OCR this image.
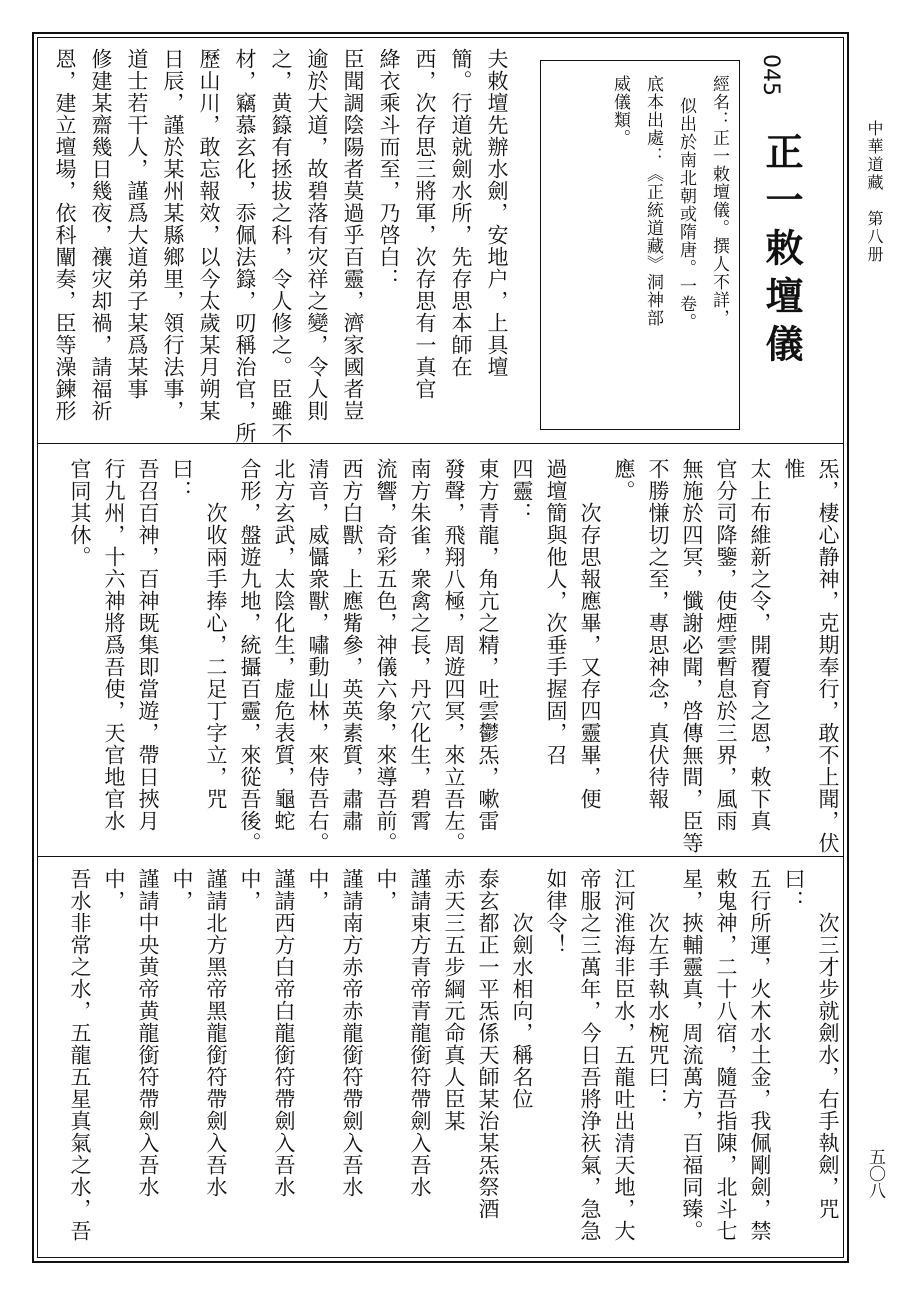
中華道藏　第八册
五〇八
045
正一敕壇儀
經名：正一敕壇儀。撰人不詳，
似出於南北朝或隋唐。一卷。
底本出處：《正統道藏》洞神部
威儀類。
夫敕壇先辦水劍，安地户，上具壇
簡。行道就劍水所，先存思本師在
西，次存思三將軍，次存思有一真官
絳衣乘斗而至，乃啓白：
臣聞調陰陽者莫過乎百靈，濟家國者豈
逾於大道，故碧落有灾祥之變，令人則
之，黄籙有拯拔之科，令人修之。臣雖不
材，竊慕玄化，忝佩法籙，叨稱治官，所
歷山川，敢忘報效，以今太歲某月朔某
日辰，謹於某州某縣鄉里，領行法事，
道士若干人，謹爲大道弟子某爲某事
修建某齋幾日幾夜，禳灾却禍，請福祈
恩，建立壇場，依科闡奏，臣等澡鍊形
炁，棲心静神，克期奉行，敢不上聞，伏
惟
太上布維新之令，開覆育之恩，敕下真
官分司降鑒，使煙雲暫息於三界，風雨
無施於四冥，懺謝必聞，啓傳無間，臣等
不勝慊切之至，專思神念，真伏待報
應。
次存思報應畢，又存四靈畢，便
過壇簡與他人，次垂手握固，召
四靈：
東方青龍，角亢之精，吐雲鬱炁，嗽雷
發聲，飛翔八極，周遊四冥，來立吾左。
南方朱雀，衆禽之長，丹穴化生，碧霄
流響，奇彩五色，神儀六象，來導吾前。
西方白獸，上應觜參，英英素質，肅肅
清音，威懾衆獸，嘯動山林，來侍吾右。
北方玄武，太陰化生，虚危表質，龜蛇
合形，盤遊九地，統攝百靈，來從吾後。
次收兩手捧心，二足丁字立，咒
曰：
吾召百神，百神既集即當遊，帶日挾月
行九州，十六神將爲吾使，天官地官水
官同其休。
次三才步就劍水，右手執劍，咒
曰：
五行所運，火木水土金，我佩剛劍，禁
敕鬼神，二十八宿，隨吾指陳，北斗七
星，挾輔靈真，周流萬方，百福同臻。
次左手執水椀咒曰：
江河淮海非臣水，五龍吐出清天地，大
帝服之三萬年，今日吾將浄祆氣，急急
如律令！
次劍水相向，稱名位
泰玄都正一平炁係天師某治某炁祭酒
赤天三五步綱元命真人臣某
謹請東方青帝青龍銜符帶劍入吾水
中，
謹請南方赤帝赤龍銜符帶劍入吾水
中，
謹請西方白帝白龍銜符帶劍入吾水
中，
謹請北方黑帝黑龍銜符帶劍入吾水
中，
謹請中央黄帝黄龍銜符帶劍入吾水
中，
吾水非常之水，五龍五星真氣之水，吾
